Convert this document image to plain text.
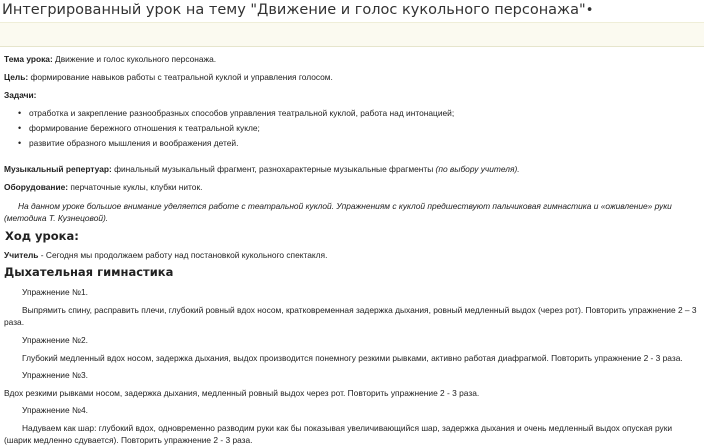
Интегрированный урок на тему "Движение и голос кукольного персонажа"•

Тема урока: Движение и голос кукольного персонажа.

Цель: формирование навыков работы с театральной куклой и управления голосом.

Задачи:

• отработка и закрепление разнообразных способов управления театральной куклой, работа над интонацией;
• формирование бережного отношения к театральной кукле;
• развитие образного мышления и воображения детей.

Музыкальный репертуар: финальный музыкальный фрагмент, разнохарактерные музыкальные фрагменты (по выбору учителя).

Оборудование: перчаточные куклы, клубки ниток.

На данном уроке большое внимание уделяется работе с театральной куклой. Упражнениям с куклой предшествуют пальчиковая гимнастика и «оживление» руки (методика Т. Кузнецовой).

Ход урока:

Учитель - Сегодня мы продолжаем работу над постановкой кукольного спектакля.

Дыхательная гимнастика

Упражнение №1.

Выпрямить спину, расправить плечи, глубокий ровный вдох носом, кратковременная задержка дыхания, ровный медленный выдох (через рот). Повторить упражнение 2 – 3 раза.

Упражнение №2.

Глубокий медленный вдох носом, задержка дыхания, выдох производится понемногу резкими рывками, активно работая диафрагмой. Повторить упражнение 2 - 3 раза.

Упражнение №3.

Вдох резкими рывками носом, задержка дыхания, медленный ровный выдох через рот. Повторить упражнение 2 - 3 раза.

Упражнение №4.

Надуваем как шар: глубокий вдох, одновременно разводим руки как бы показывая увеличивающийся шар, задержка дыхания и очень медленный выдох опуская руки (шарик медленно сдувается). Повторить упражнение 2 - 3 раза.
